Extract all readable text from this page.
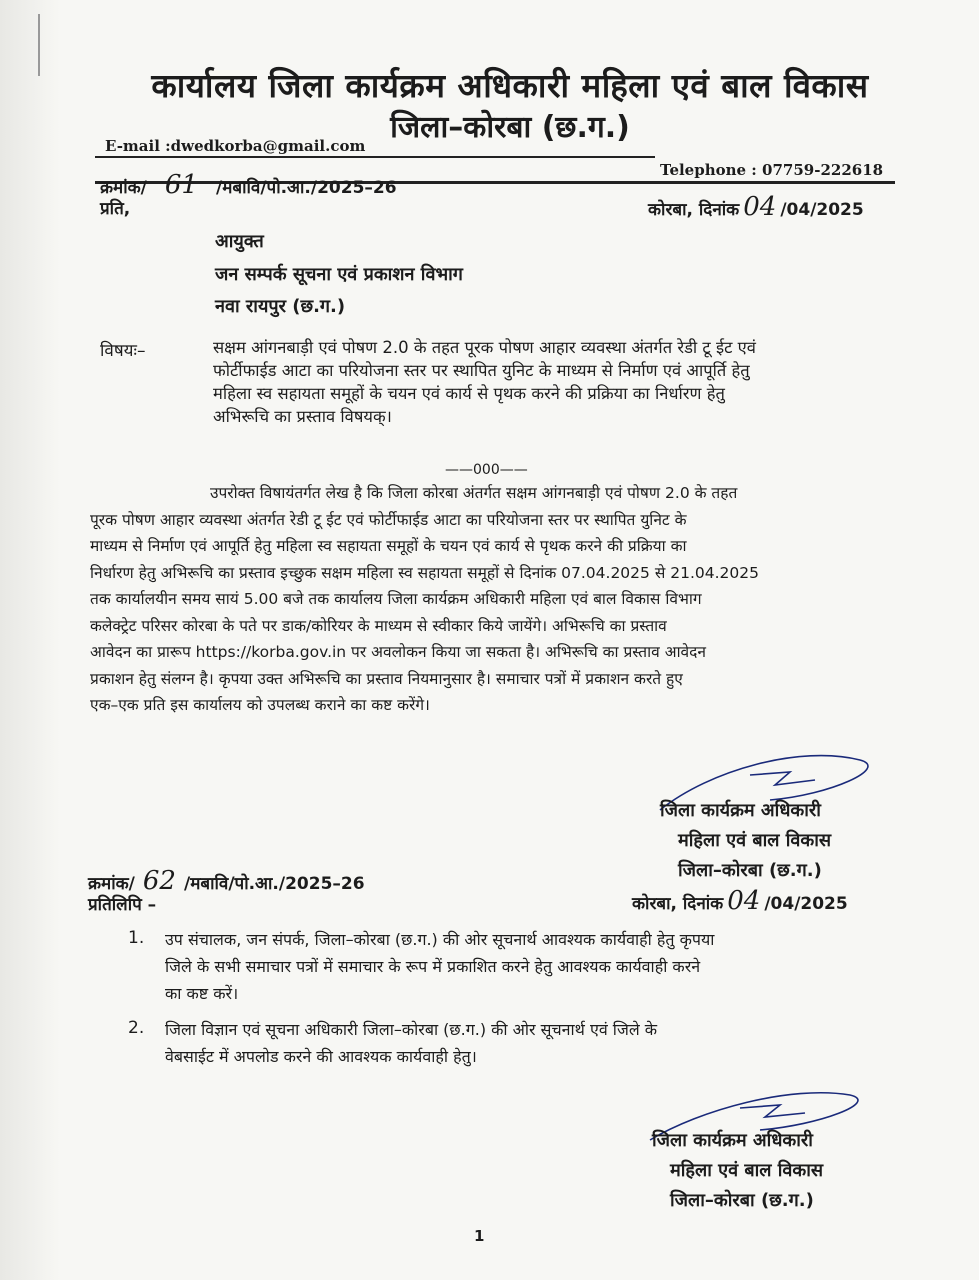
कार्यालय जिला कार्यक्रम अधिकारी महिला एवं बाल विकास
जिला–कोरबा (छ.ग.)
E-mail :dwedkorba@gmail.com
Telephone : 07759-222618
क्रमांक/ 61 /मबावि/पो.आ./2025–26
प्रति,	कोरबा, दिनांक 04 /04/2025
आयुक्त
जन सम्पर्क सूचना एवं प्रकाशन विभाग
नवा रायपुर (छ.ग.)
विषयः–	सक्षम आंगनबाड़ी एवं पोषण 2.0 के तहत पूरक पोषण आहार व्यवस्था अंतर्गत रेडी टू ईट एवं
फोर्टीफाईड आटा का परियोजना स्तर पर स्थापित युनिट के माध्यम से निर्माण एवं आपूर्ति हेतु
महिला स्व सहायता समूहों के चयन एवं कार्य से पृथक करने की प्रक्रिया का निर्धारण हेतु
अभिरूचि का प्रस्ताव विषयक्।
——000——
उपरोक्त विषायंतर्गत लेख है कि जिला कोरबा अंतर्गत सक्षम आंगनबाड़ी एवं पोषण 2.0 के तहत
पूरक पोषण आहार व्यवस्था अंतर्गत रेडी टू ईट एवं फोर्टीफाईड आटा का परियोजना स्तर पर स्थापित युनिट के
माध्यम से निर्माण एवं आपूर्ति हेतु महिला स्व सहायता समूहों के चयन एवं कार्य से पृथक करने की प्रक्रिया का
निर्धारण हेतु अभिरूचि का प्रस्ताव इच्छुक सक्षम महिला स्व सहायता समूहों से दिनांक 07.04.2025 से 21.04.2025
तक कार्यालयीन समय सायं 5.00 बजे तक कार्यालय जिला कार्यक्रम अधिकारी महिला एवं बाल विकास विभाग
कलेक्ट्रेट परिसर कोरबा के पते पर डाक/कोरियर के माध्यम से स्वीकार किये जायेंगे। अभिरूचि का प्रस्ताव
आवेदन का प्रारूप https://korba.gov.in पर अवलोकन किया जा सकता है। अभिरूचि का प्रस्ताव आवेदन
प्रकाशन हेतु संलग्न है। कृपया उक्त अभिरूचि का प्रस्ताव नियमानुसार है। समाचार पत्रों में प्रकाशन करते हुए
एक–एक प्रति इस कार्यालय को उपलब्ध कराने का कष्ट करेंगे।
जिला कार्यक्रम अधिकारी
महिला एवं बाल विकास
जिला–कोरबा (छ.ग.)
क्रमांक/ 62 /मबावि/पो.आ./2025–26
प्रतिलिपि –	कोरबा, दिनांक 04 /04/2025
1. उप संचालक, जन संपर्क, जिला–कोरबा (छ.ग.) की ओर सूचनार्थ आवश्यक कार्यवाही हेतु कृपया
जिले के सभी समाचार पत्रों में समाचार के रूप में प्रकाशित करने हेतु आवश्यक कार्यवाही करने
का कष्ट करें।
2. जिला विज्ञान एवं सूचना अधिकारी जिला–कोरबा (छ.ग.) की ओर सूचनार्थ एवं जिले के
वेबसाईट में अपलोड करने की आवश्यक कार्यवाही हेतु।
जिला कार्यक्रम अधिकारी
महिला एवं बाल विकास
जिला–कोरबा (छ.ग.)
1
